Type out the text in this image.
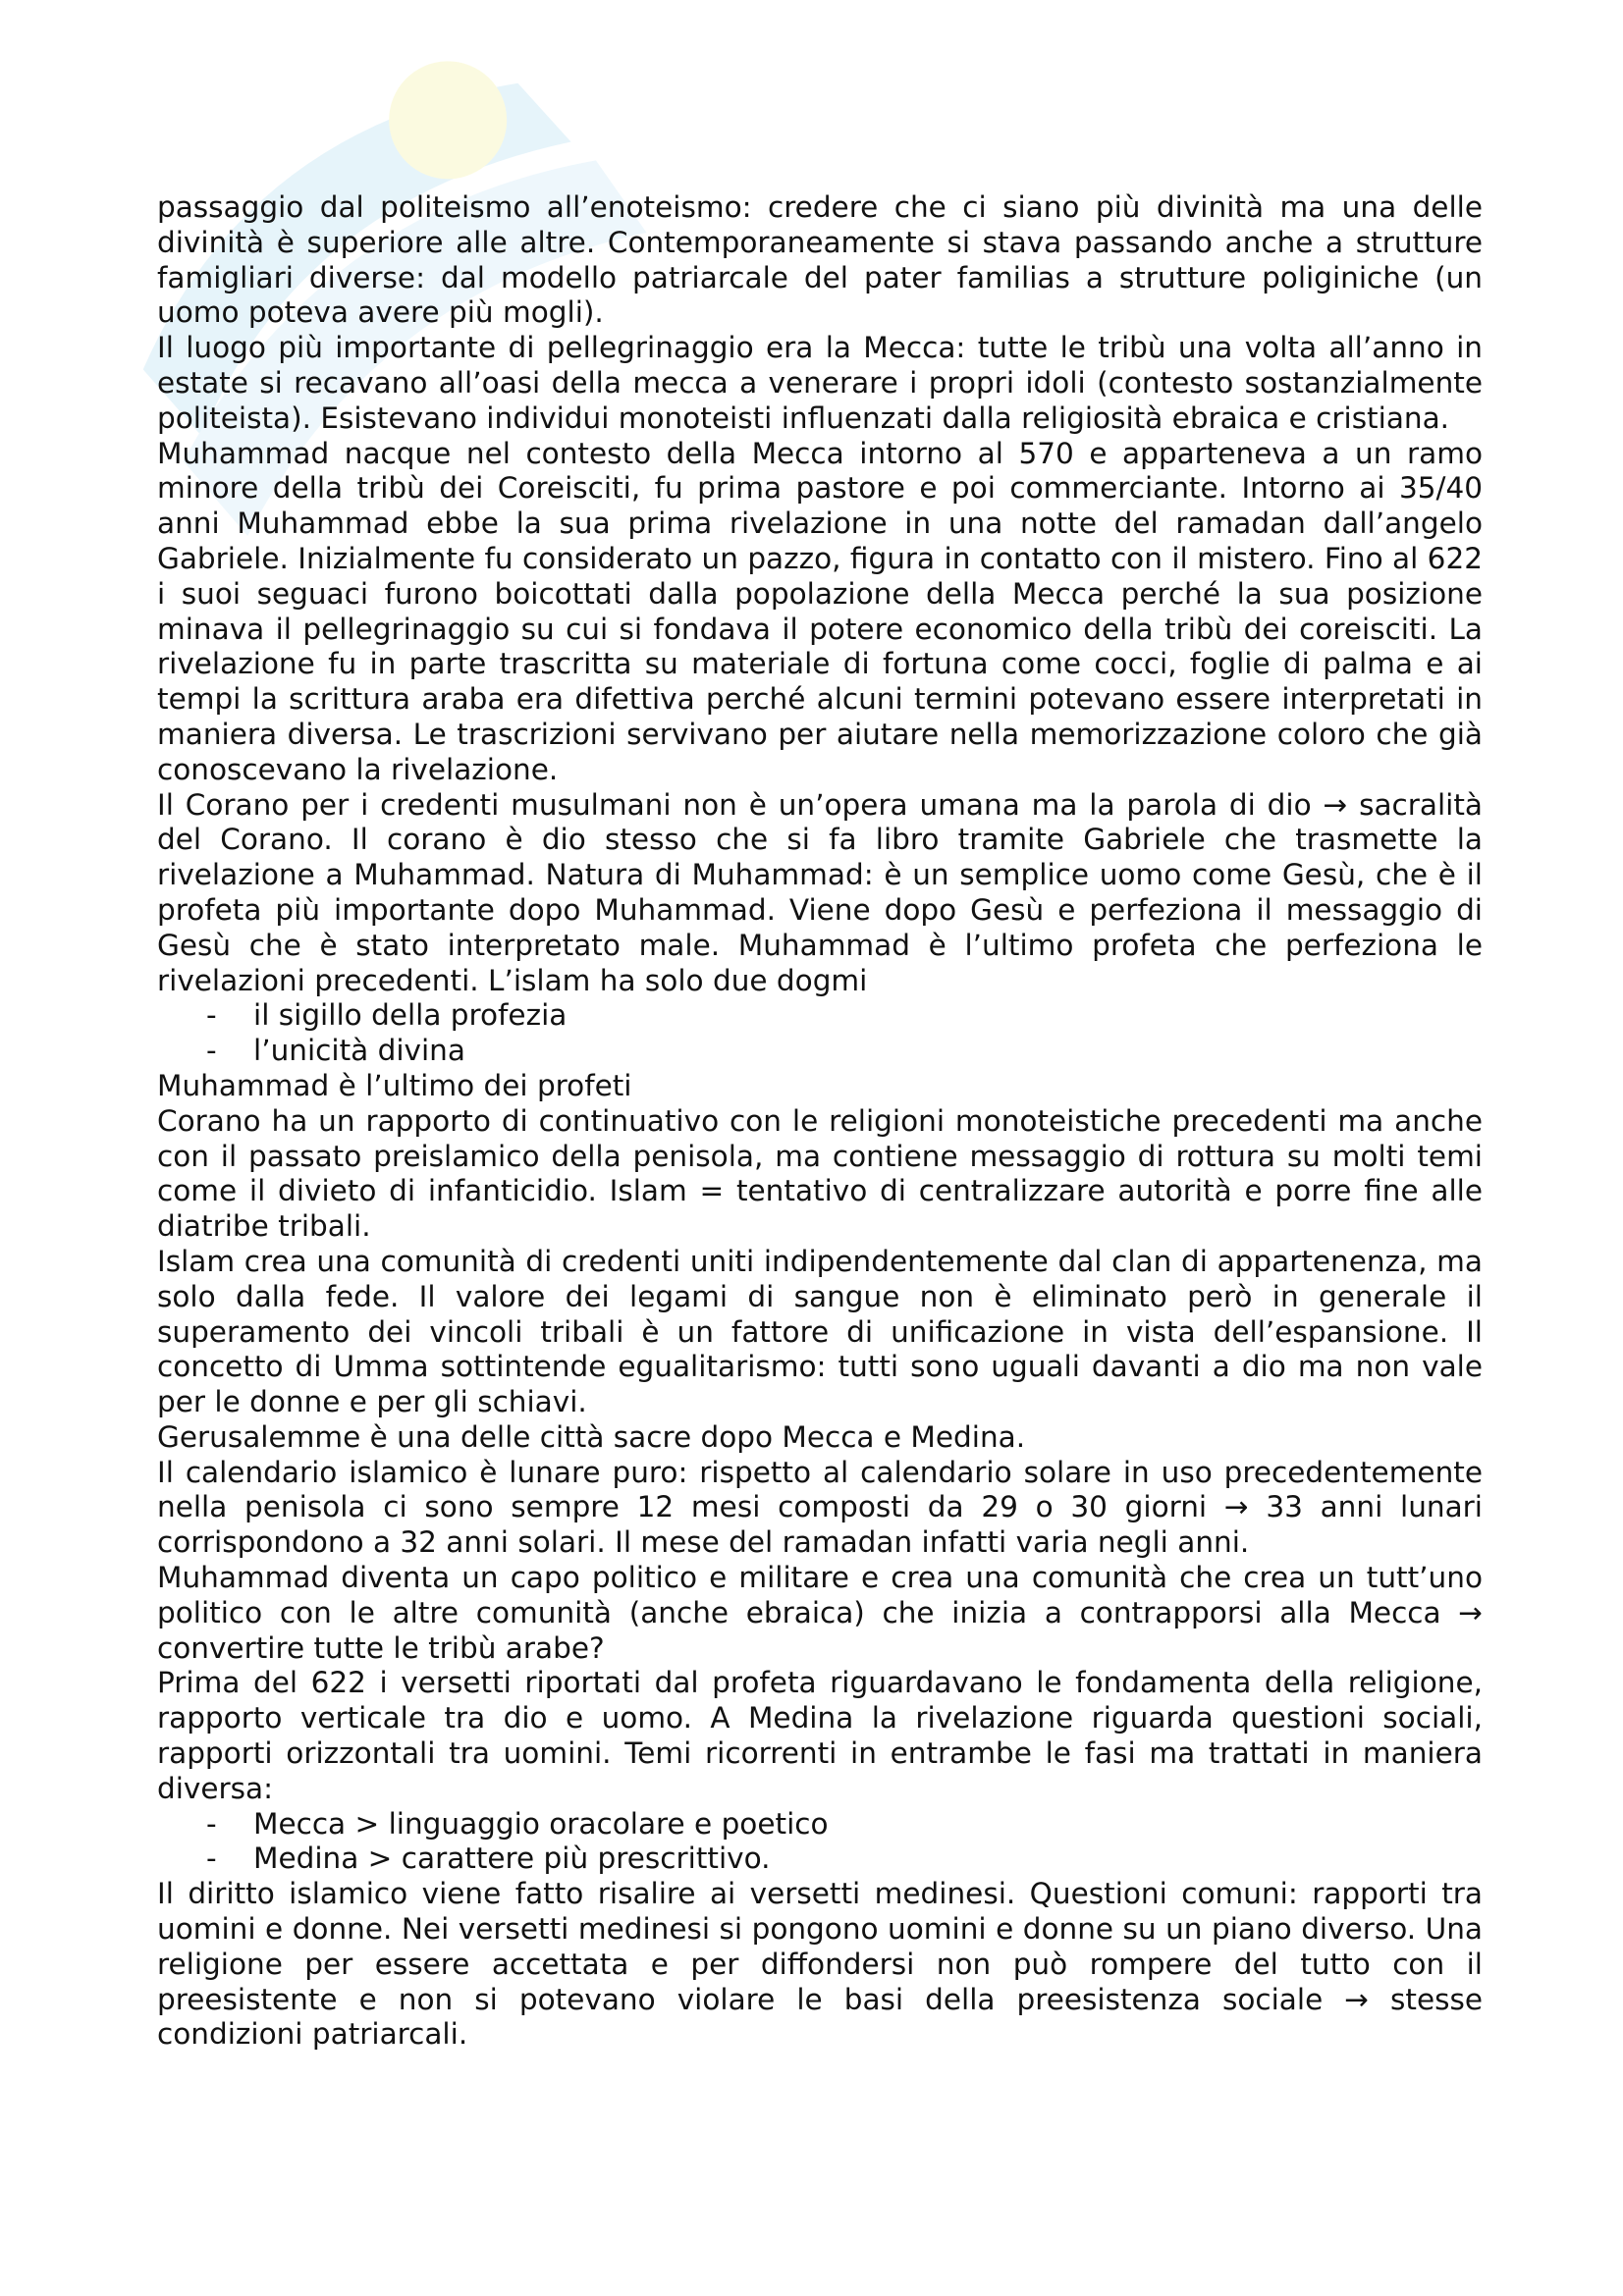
passaggio dal politeismo all’enoteismo: credere che ci siano più divinità ma una delle divinità è superiore alle altre. Contemporaneamente si stava passando anche a strutture famigliari diverse: dal modello patriarcale del pater familias a strutture poliginiche (un uomo poteva avere più mogli).

Il luogo più importante di pellegrinaggio era la Mecca: tutte le tribù una volta all’anno in estate si recavano all’oasi della mecca a venerare i propri idoli (contesto sostanzialmente politeista). Esistevano individui monoteisti influenzati dalla religiosità ebraica e cristiana.

Muhammad nacque nel contesto della Mecca intorno al 570 e apparteneva a un ramo minore della tribù dei Coreisciti, fu prima pastore e poi commerciante. Intorno ai 35/40 anni Muhammad ebbe la sua prima rivelazione in una notte del ramadan dall’angelo Gabriele. Inizialmente fu considerato un pazzo, figura in contatto con il mistero. Fino al 622 i suoi seguaci furono boicottati dalla popolazione della Mecca perché la sua posizione minava il pellegrinaggio su cui si fondava il potere economico della tribù dei coreisciti. La rivelazione fu in parte trascritta su materiale di fortuna come cocci, foglie di palma e ai tempi la scrittura araba era difettiva perché alcuni termini potevano essere interpretati in maniera diversa. Le trascrizioni servivano per aiutare nella memorizzazione coloro che già conoscevano la rivelazione.

Il Corano per i credenti musulmani non è un’opera umana ma la parola di dio → sacralità del Corano. Il corano è dio stesso che si fa libro tramite Gabriele che trasmette la rivelazione a Muhammad. Natura di Muhammad: è un semplice uomo come Gesù, che è il profeta più importante dopo Muhammad. Viene dopo Gesù e perfeziona il messaggio di Gesù che è stato interpretato male. Muhammad è l’ultimo profeta che perfeziona le rivelazioni precedenti. L’islam ha solo due dogmi

- il sigillo della profezia
- l’unicità divina

Muhammad è l’ultimo dei profeti

Corano ha un rapporto di continuativo con le religioni monoteistiche precedenti ma anche con il passato preislamico della penisola, ma contiene messaggio di rottura su molti temi come il divieto di infanticidio. Islam = tentativo di centralizzare autorità e porre fine alle diatribe tribali.

Islam crea una comunità di credenti uniti indipendentemente dal clan di appartenenza, ma solo dalla fede. Il valore dei legami di sangue non è eliminato però in generale il superamento dei vincoli tribali è un fattore di unificazione in vista dell’espansione. Il concetto di Umma sottintende egualitarismo: tutti sono uguali davanti a dio ma non vale per le donne e per gli schiavi.

Gerusalemme è una delle città sacre dopo Mecca e Medina.

Il calendario islamico è lunare puro: rispetto al calendario solare in uso precedentemente nella penisola ci sono sempre 12 mesi composti da 29 o 30 giorni → 33 anni lunari corrispondono a 32 anni solari. Il mese del ramadan infatti varia negli anni.

Muhammad diventa un capo politico e militare e crea una comunità che crea un tutt’uno politico con le altre comunità (anche ebraica) che inizia a contrapporsi alla Mecca → convertire tutte le tribù arabe?

Prima del 622 i versetti riportati dal profeta riguardavano le fondamenta della religione, rapporto verticale tra dio e uomo. A Medina la rivelazione riguarda questioni sociali, rapporti orizzontali tra uomini. Temi ricorrenti in entrambe le fasi ma trattati in maniera diversa:

- Mecca > linguaggio oracolare e poetico
- Medina > carattere più prescrittivo.

Il diritto islamico viene fatto risalire ai versetti medinesi. Questioni comuni: rapporti tra uomini e donne. Nei versetti medinesi si pongono uomini e donne su un piano diverso. Una religione per essere accettata e per diffondersi non può rompere del tutto con il preesistente e non si potevano violare le basi della preesistenza sociale → stesse condizioni patriarcali.
